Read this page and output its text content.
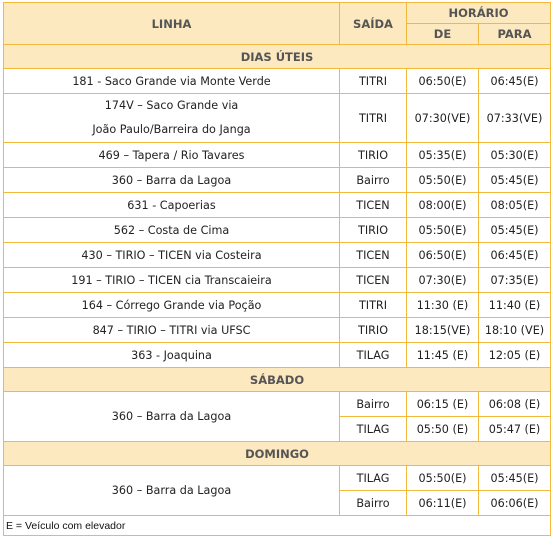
LINHA	SAÍDA	HORÁRIO	
		DE	PARA
DIAS ÚTEIS			
181 - Saco Grande via Monte Verde	TITRI	06:50(E)	06:45(E)

174V – Saco Grande via
João Paulo/Barreira do Janga	TITRI	07:30(VE)	07:33(VE)
469 – Tapera / Rio Tavares	TIRIO	05:35(E)	05:30(E)
360 – Barra da Lagoa	Bairro	05:50(E)	05:45(E)
631 - Capoerias	TICEN	08:00(E)	08:05(E)
562 – Costa de Cima	TIRIO	05:50(E)	05:45(E)
430 – TIRIO – TICEN via Costeira	TICEN	06:50(E)	06:45(E)
191 – TIRIO – TICEN cia Transcaieira	TICEN	07:30(E)	07:35(E)
164 – Córrego Grande via Poção	TITRI	11:30 (E)	11:40 (E)
847 – TIRIO – TITRI via UFSC	TIRIO	18:15(VE)	18:10 (VE)
363 - Joaquina	TILAG	11:45 (E)	12:05 (E)
SÁBADO			
360 – Barra da Lagoa	Bairro	06:15 (E)	06:08 (E)
	TILAG	05:50 (E)	05:47 (E)
DOMINGO			
360 – Barra da Lagoa	TILAG	05:50(E)	05:45(E)
	Bairro	06:11(E)	06:06(E)
E = Veículo com elevador			
